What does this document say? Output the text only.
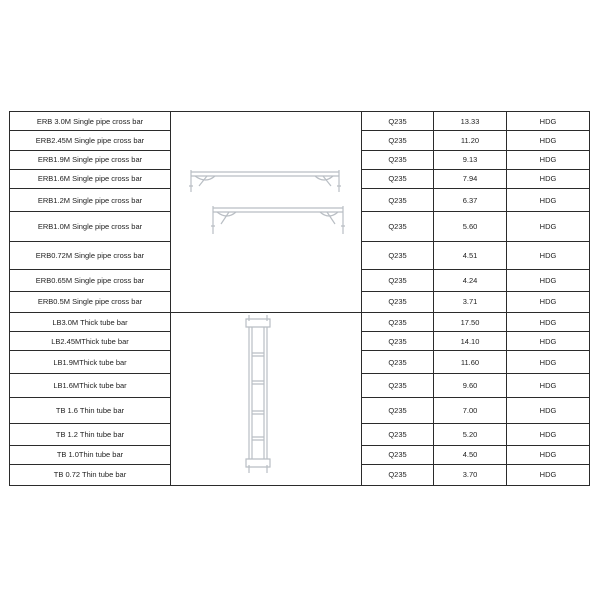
ERB 3.0M Single pipe cross bar		Q235	13.33	HDG
ERB2.45M Single pipe cross bar		Q235	11.20	HDG
ERB1.9M Single pipe cross bar		Q235	9.13	HDG
ERB1.6M Single pipe cross bar		Q235	7.94	HDG
ERB1.2M Single pipe cross bar		Q235	6.37	HDG
ERB1.0M Single pipe cross bar		Q235	5.60	HDG
ERB0.72M Single pipe cross bar		Q235	4.51	HDG
ERB0.65M Single pipe cross bar		Q235	4.24	HDG
ERB0.5M Single pipe cross bar		Q235	3.71	HDG
LB3.0M Thick tube bar		Q235	17.50	HDG
LB2.45MThick tube bar		Q235	14.10	HDG
LB1.9MThick tube bar		Q235	11.60	HDG
LB1.6MThick tube bar		Q235	9.60	HDG
TB 1.6 Thin tube bar		Q235	7.00	HDG
TB 1.2 Thin tube bar		Q235	5.20	HDG
TB 1.0Thin tube bar		Q235	4.50	HDG
TB 0.72 Thin tube bar		Q235	3.70	HDG
